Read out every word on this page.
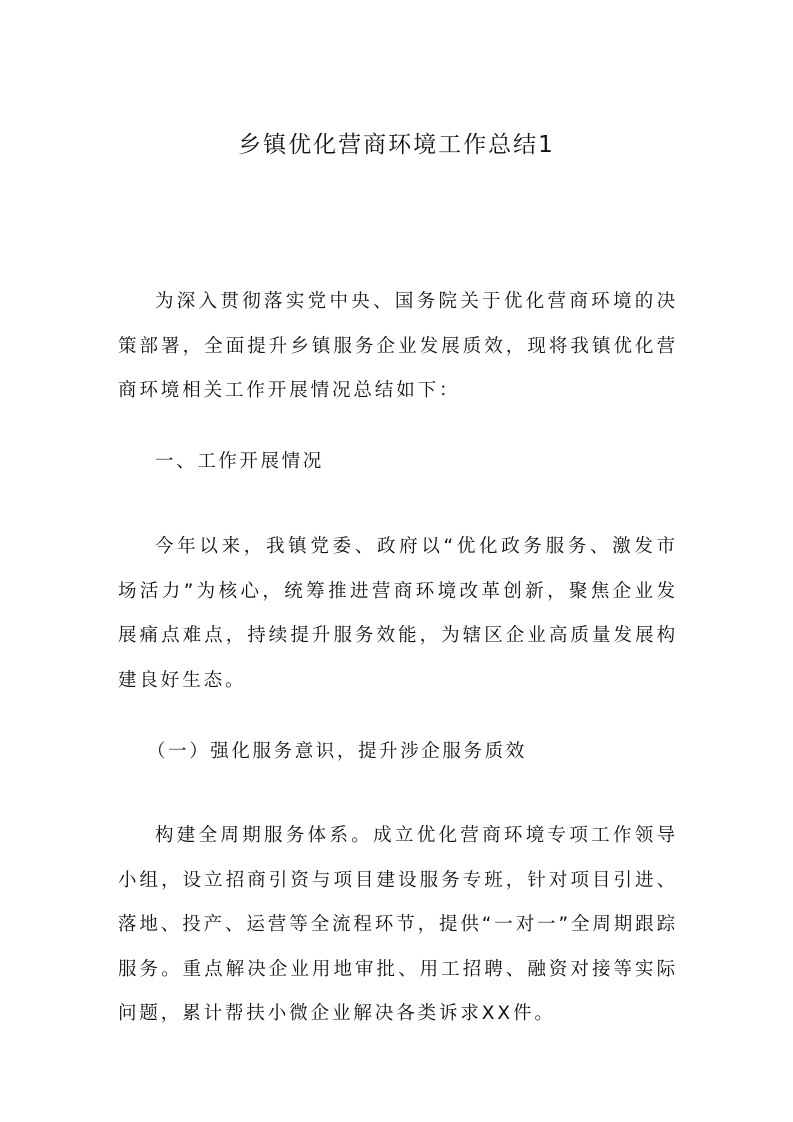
乡镇优化营商环境工作总结1

为深入贯彻落实党中央、国务院关于优化营商环境的决策部署，全面提升乡镇服务企业发展质效，现将我镇优化营商环境相关工作开展情况总结如下：

一、工作开展情况

今年以来，我镇党委、政府以“优化政务服务、激发市场活力”为核心，统筹推进营商环境改革创新，聚焦企业发展痛点难点，持续提升服务效能，为辖区企业高质量发展构建良好生态。

（一）强化服务意识，提升涉企服务质效

构建全周期服务体系。成立优化营商环境专项工作领导小组，设立招商引资与项目建设服务专班，针对项目引进、落地、投产、运营等全流程环节，提供“一对一”全周期跟踪服务。重点解决企业用地审批、用工招聘、融资对接等实际问题，累计帮扶小微企业解决各类诉求XX件。
